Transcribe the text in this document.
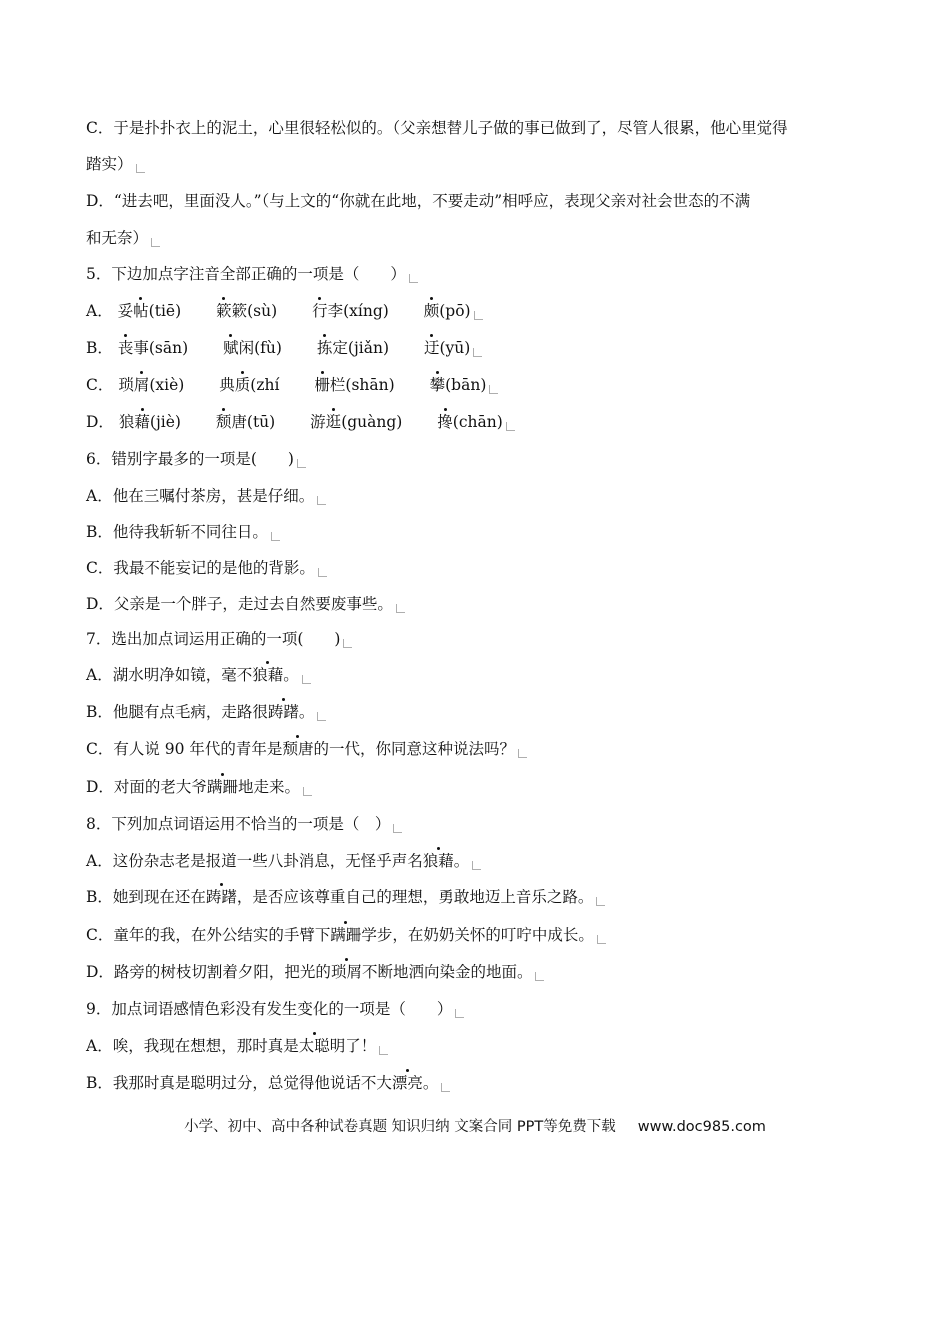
C．于是扑扑衣上的泥土，心里很轻松似的。（父亲想替儿子做的事已做到了，尽管人很累，他心里觉得
踏实）
D．“进去吧，里面没人。”（与上文的“你就在此地，不要走动”相呼应，表现父亲对社会世态的不满
和无奈）
5．下边加点字注音全部正确的一项是（　　）
A． 妥帖(tiē) 簌簌(sù) 行李(xíng) 颇(pō)
B． 丧事(sān) 赋闲(fù) 拣定(jiǎn) 迂(yū)
C． 琐屑(xiè) 典质(zhí 栅栏(shān) 攀(bān)
D． 狼藉(jiè) 颓唐(tū) 游逛(guàng) 搀(chān)
6．错别字最多的一项是(　　)
A．他在三嘱付茶房，甚是仔细。
B．他待我斩斩不同往日。
C．我最不能妄记的是他的背影。
D．父亲是一个胖子，走过去自然要废事些。
7．选出加点词运用正确的一项(　　)
A．湖水明净如镜，毫不狼藉。
B．他腿有点毛病，走路很踌躇。
C．有人说 90 年代的青年是颓唐的一代，你同意这种说法吗？
D．对面的老大爷蹒跚地走来。
8．下列加点词语运用不恰当的一项是（　）
A．这份杂志老是报道一些八卦消息，无怪乎声名狼藉。
B．她到现在还在踌躇，是否应该尊重自己的理想，勇敢地迈上音乐之路。
C．童年的我，在外公结实的手臂下蹒跚学步，在奶奶关怀的叮咛中成长。
D．路旁的树枝切割着夕阳，把光的琐屑不断地洒向染金的地面。
9．加点词语感情色彩没有发生变化的一项是（　　）
A．唉，我现在想想，那时真是太聪明了！
B．我那时真是聪明过分，总觉得他说话不大漂亮。
小学、初中、高中各种试卷真题 知识归纳 文案合同 PPT等免费下载 www.doc985.com
